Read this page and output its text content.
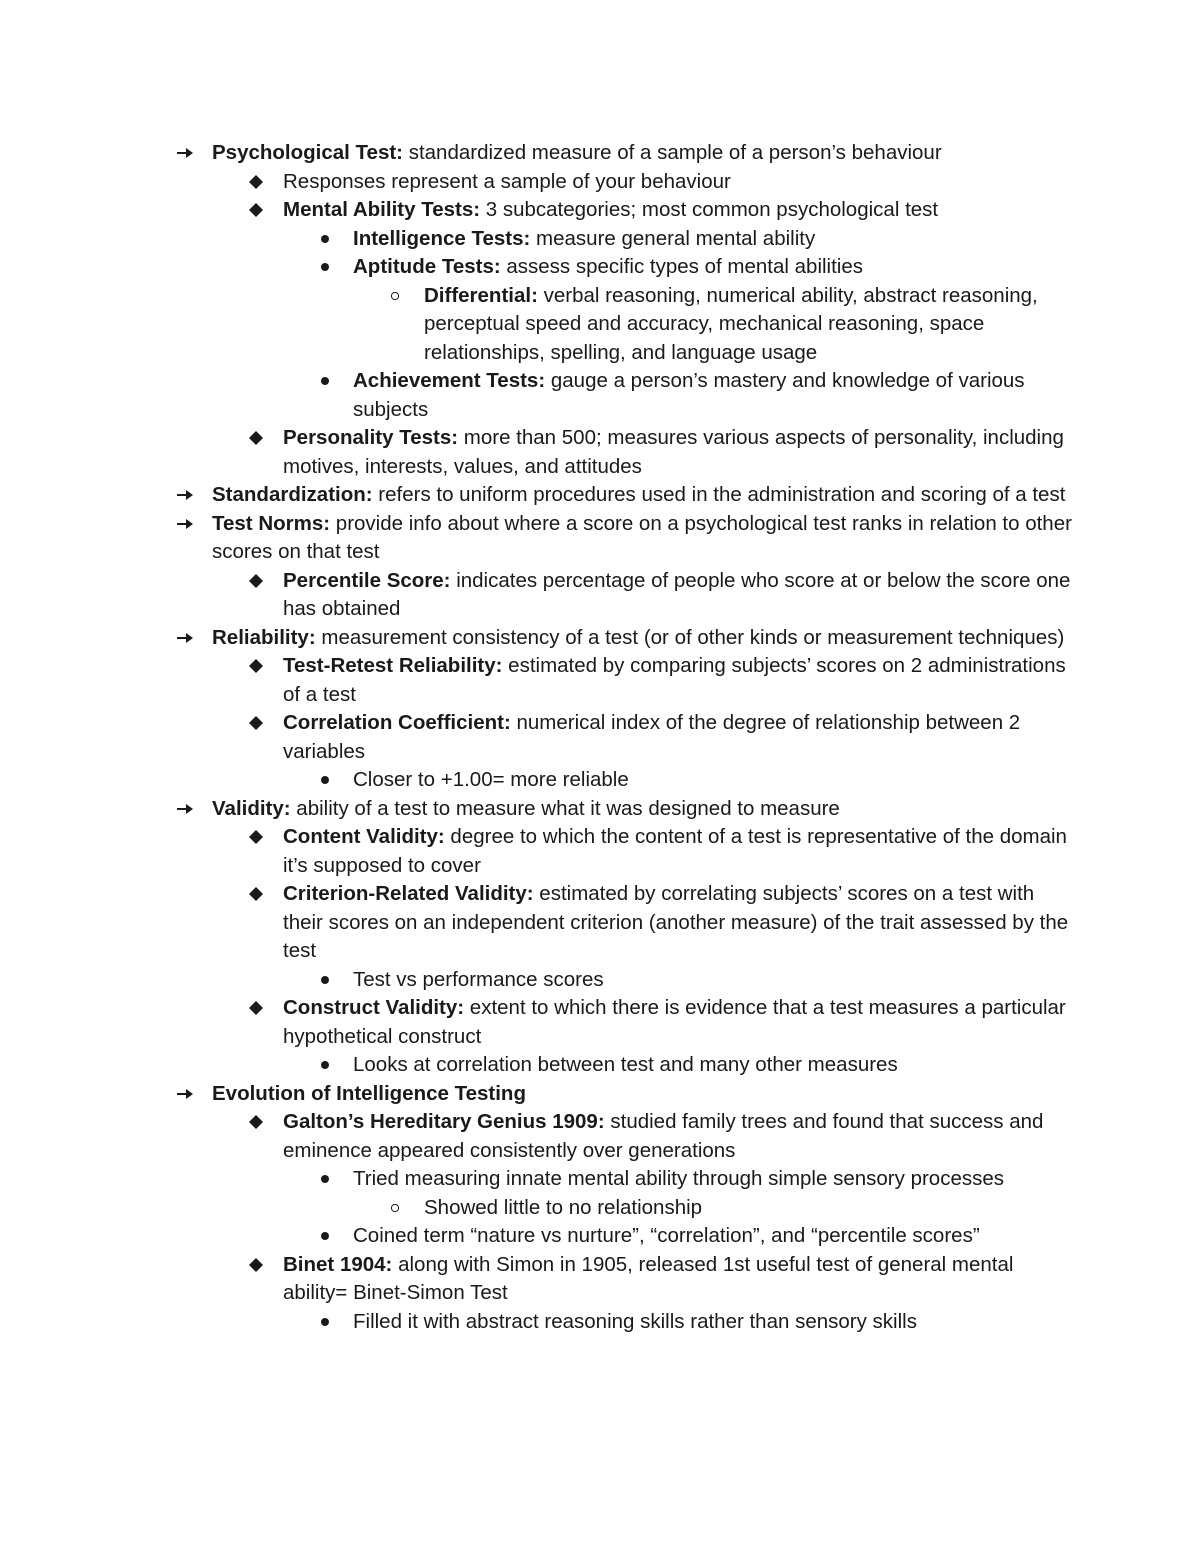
Psychological Test: standardized measure of a sample of a person’s behaviour
Responses represent a sample of your behaviour
Mental Ability Tests: 3 subcategories; most common psychological test
Intelligence Tests: measure general mental ability
Aptitude Tests: assess specific types of mental abilities
Differential: verbal reasoning, numerical ability, abstract reasoning, perceptual speed and accuracy, mechanical reasoning, space relationships, spelling, and language usage
Achievement Tests: gauge a person’s mastery and knowledge of various subjects
Personality Tests: more than 500; measures various aspects of personality, including motives, interests, values, and attitudes
Standardization: refers to uniform procedures used in the administration and scoring of a test
Test Norms: provide info about where a score on a psychological test ranks in relation to other scores on that test
Percentile Score: indicates percentage of people who score at or below the score one has obtained
Reliability: measurement consistency of a test (or of other kinds or measurement techniques)
Test-Retest Reliability: estimated by comparing subjects’ scores on 2 administrations of a test
Correlation Coefficient: numerical index of the degree of relationship between 2 variables
Closer to +1.00= more reliable
Validity: ability of a test to measure what it was designed to measure
Content Validity: degree to which the content of a test is representative of the domain it’s supposed to cover
Criterion-Related Validity: estimated by correlating subjects’ scores on a test with their scores on an independent criterion (another measure) of the trait assessed by the test
Test vs performance scores
Construct Validity: extent to which there is evidence that a test measures a particular hypothetical construct
Looks at correlation between test and many other measures
Evolution of Intelligence Testing
Galton’s Hereditary Genius 1909: studied family trees and found that success and eminence appeared consistently over generations
Tried measuring innate mental ability through simple sensory processes
Showed little to no relationship
Coined term “nature vs nurture”, “correlation”, and “percentile scores”
Binet 1904: along with Simon in 1905, released 1st useful test of general mental ability= Binet-Simon Test
Filled it with abstract reasoning skills rather than sensory skills
